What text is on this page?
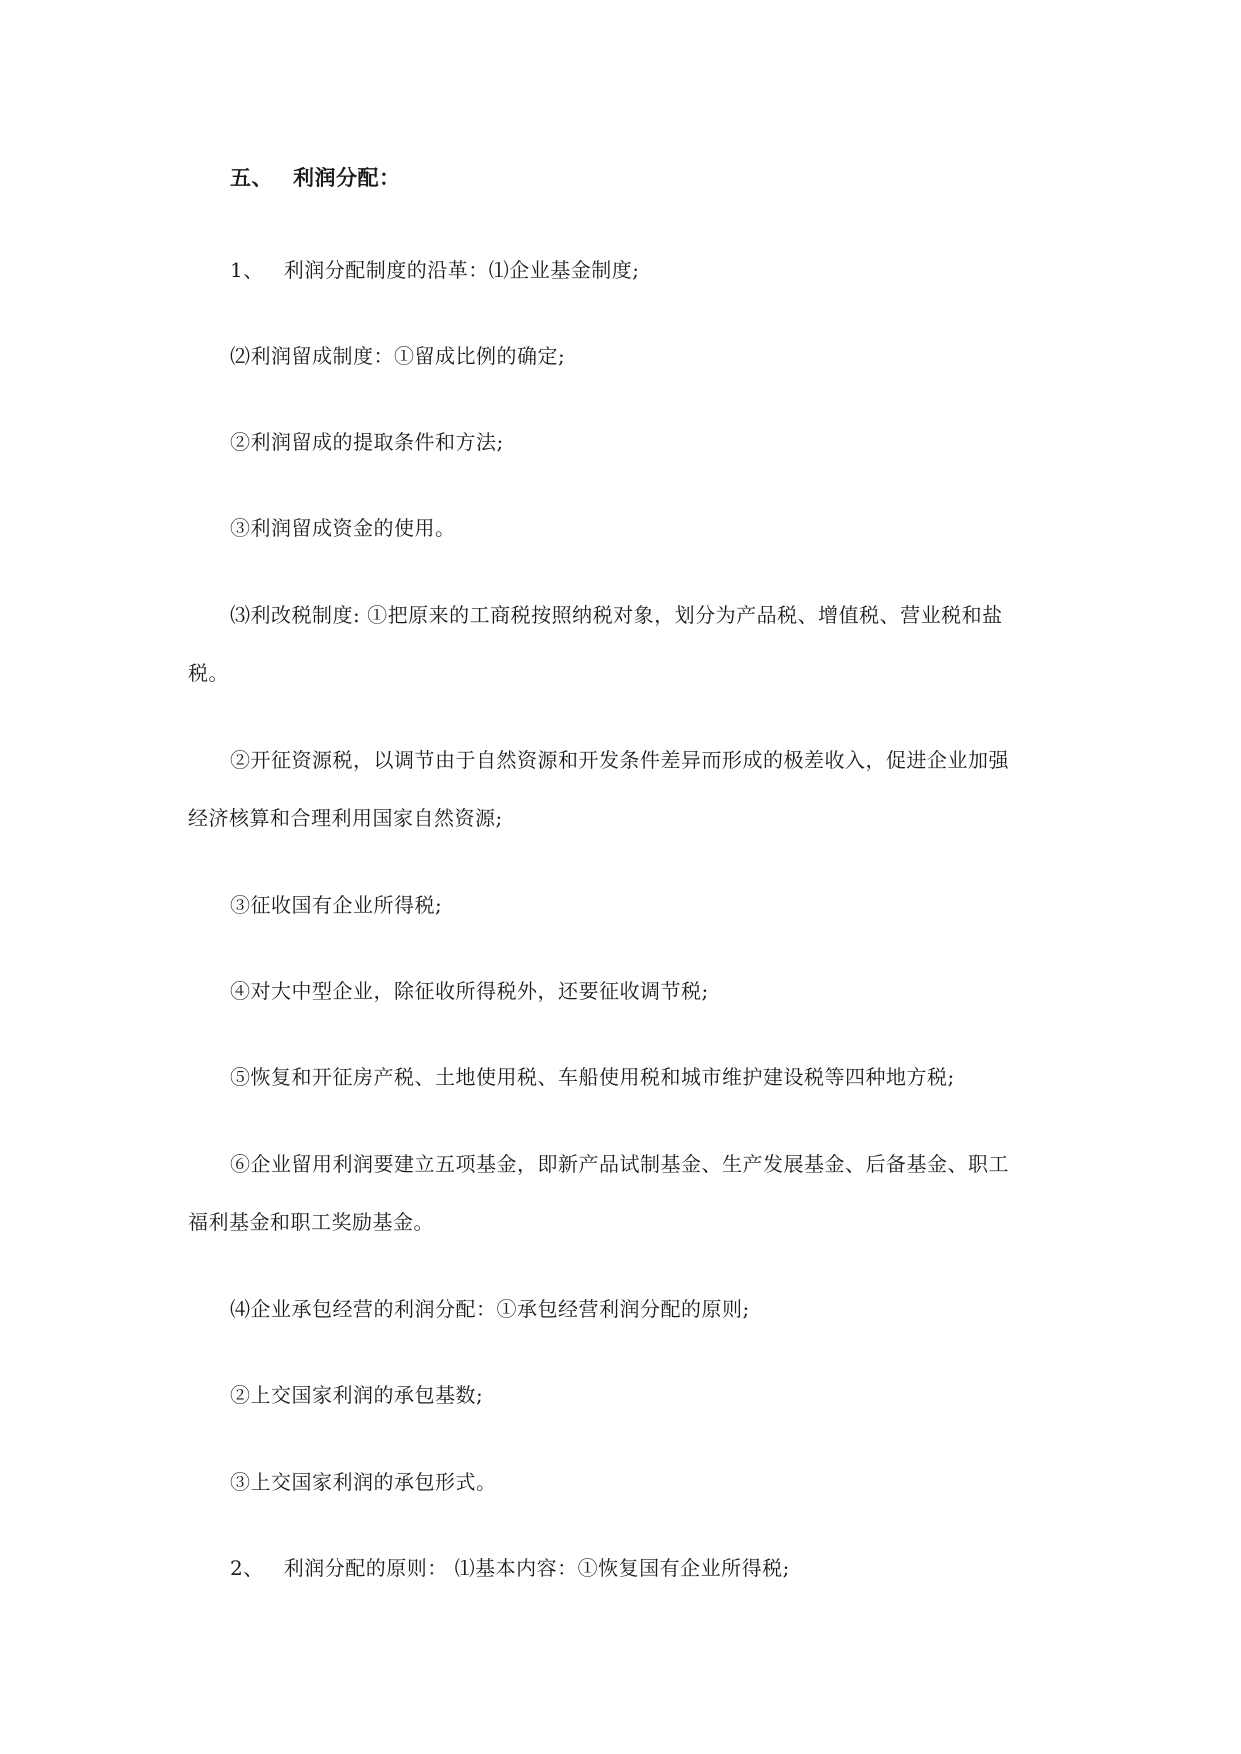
五、 利润分配：
1、 利润分配制度的沿革：⑴企业基金制度;
⑵利润留成制度：①留成比例的确定;
②利润留成的提取条件和方法;
③利润留成资金的使用。
⑶利改税制度: ①把原来的工商税按照纳税对象，划分为产品税、增值税、营业税和盐
税。
②开征资源税，以调节由于自然资源和开发条件差异而形成的极差收入，促进企业加强
经济核算和合理利用国家自然资源;
③征收国有企业所得税;
④对大中型企业，除征收所得税外，还要征收调节税;
⑤恢复和开征房产税、土地使用税、车船使用税和城市维护建设税等四种地方税;
⑥企业留用利润要建立五项基金，即新产品试制基金、生产发展基金、后备基金、职工
福利基金和职工奖励基金。
⑷企业承包经营的利润分配：①承包经营利润分配的原则;
②上交国家利润的承包基数;
③上交国家利润的承包形式。
2、 利润分配的原则： ⑴基本内容：①恢复国有企业所得税;
